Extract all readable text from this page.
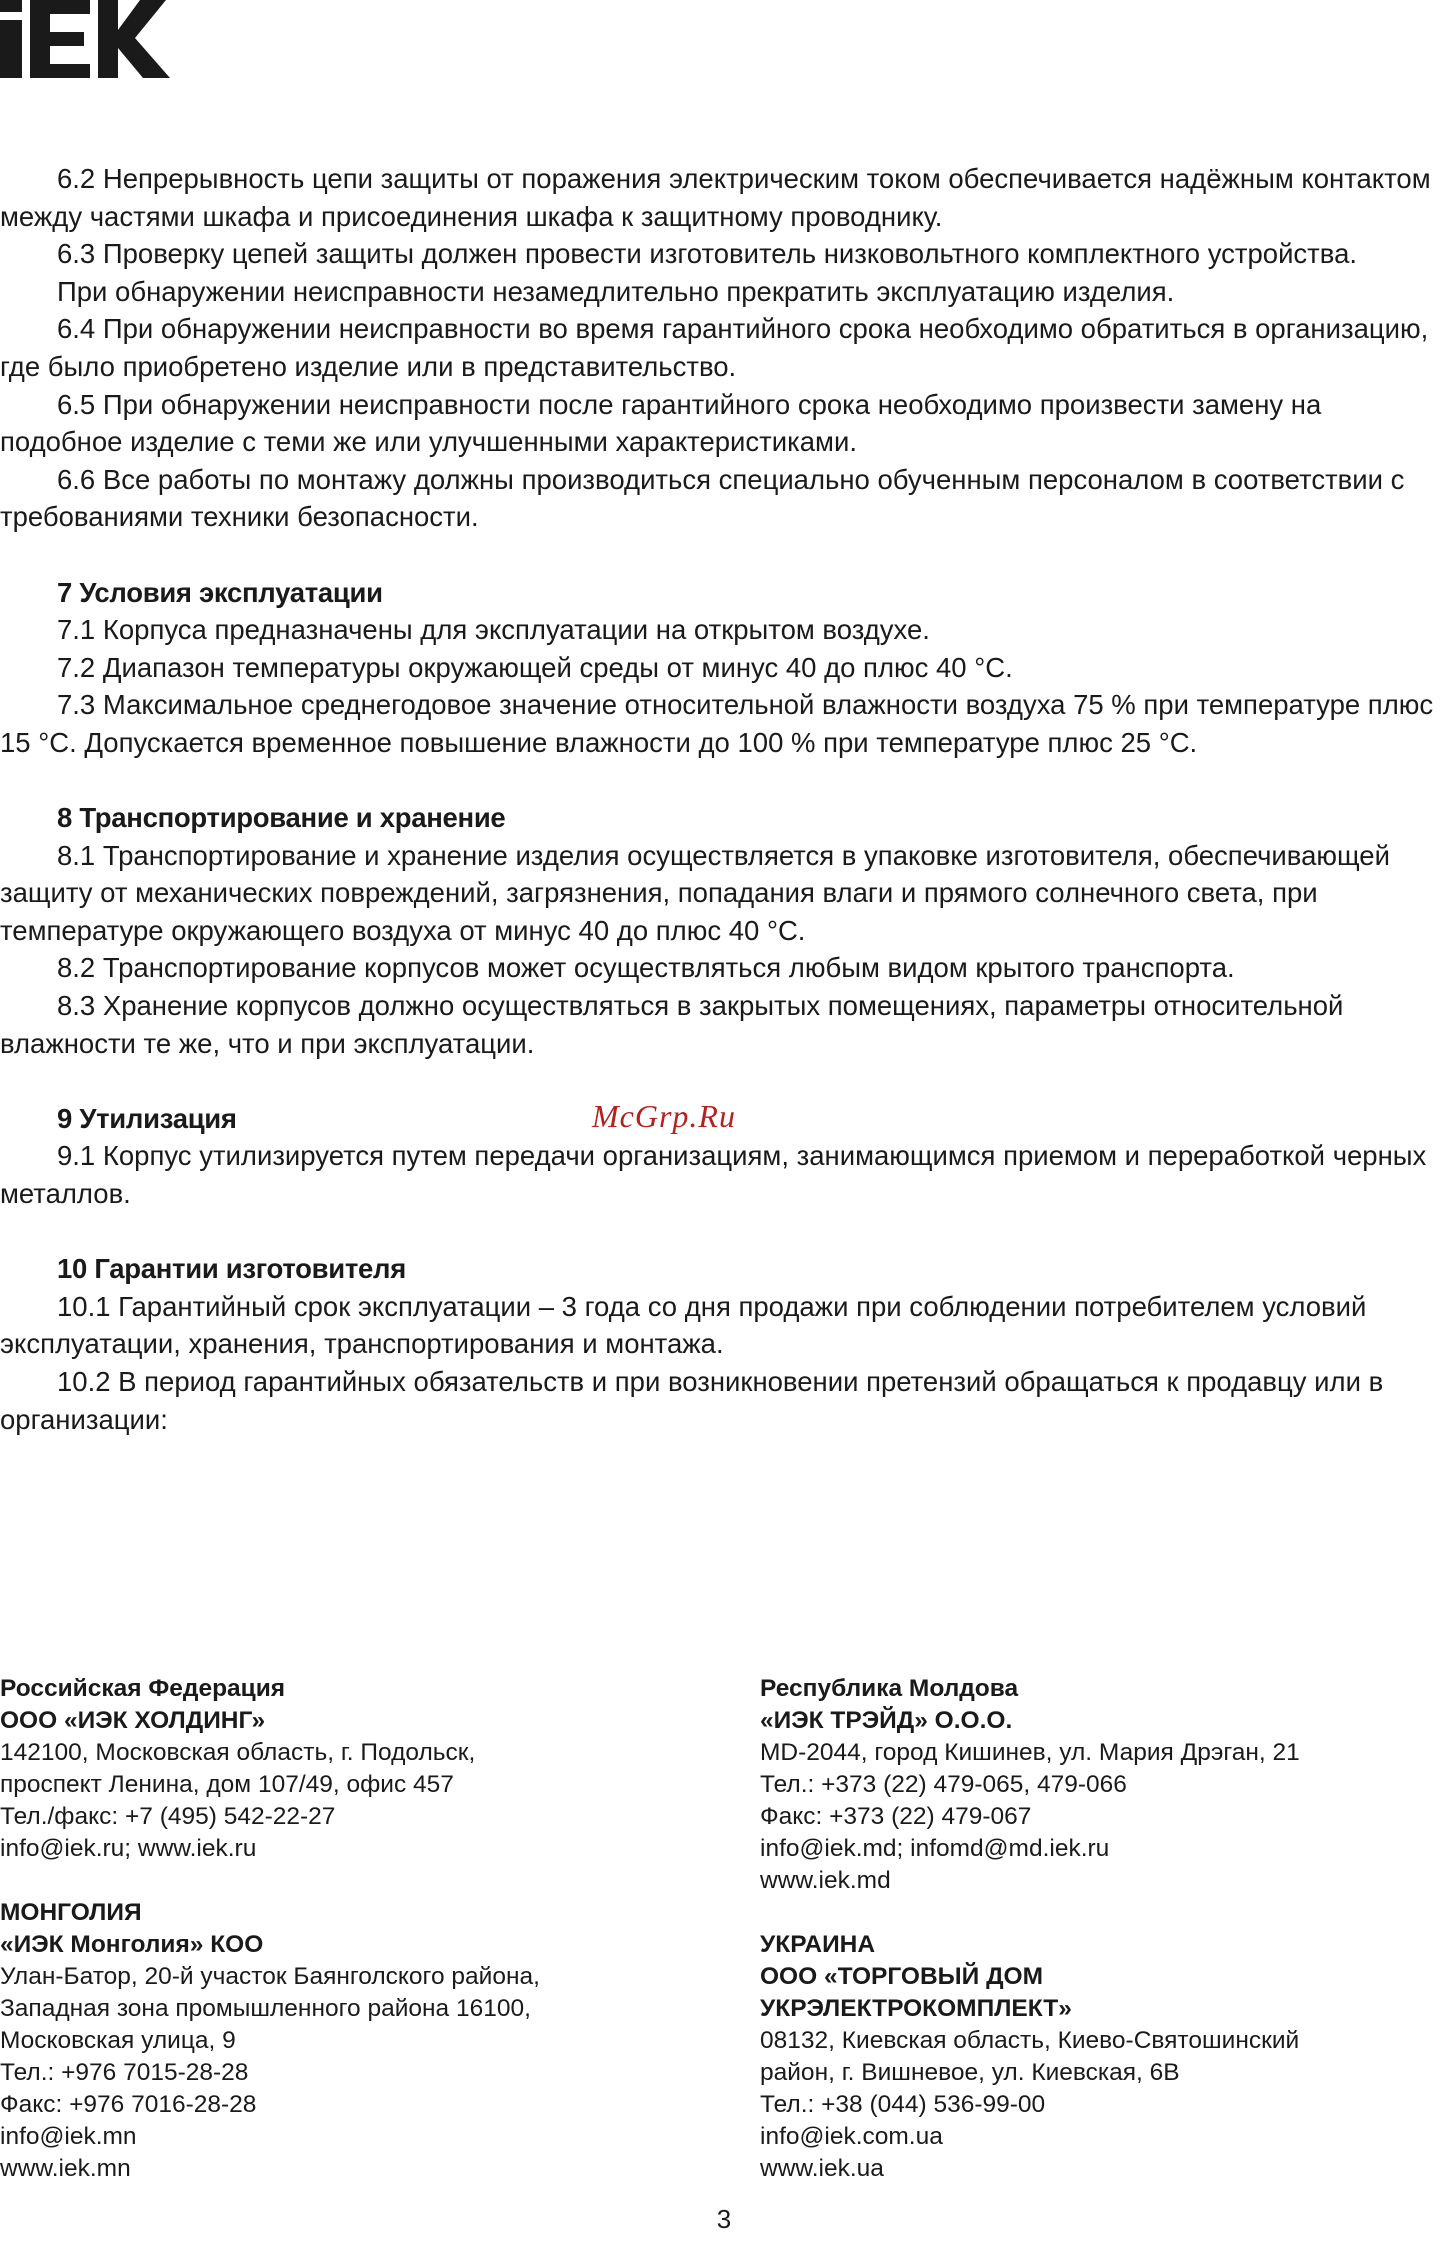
6.2 Непрерывность цепи защиты от поражения электрическим током обеспечивается надёжным контактом между частями шкафа и присоединения шкафа к защитному проводнику.

6.3 Проверку цепей защиты должен провести изготовитель низковольтного комплектного устройства.

При обнаружении неисправности незамедлительно прекратить эксплуатацию изделия.

6.4 При обнаружении неисправности во время гарантийного срока необходимо обратиться в организацию, где было приобретено изделие или в представительство.

6.5 При обнаружении неисправности после гарантийного срока необходимо произвести замену на подобное изделие с теми же или улучшенными характеристиками.

6.6 Все работы по монтажу должны производиться специально обученным персоналом в соответствии с требованиями техники безопасности.

7 Условия эксплуатации

7.1 Корпуса предназначены для эксплуатации на открытом воздухе.

7.2 Диапазон температуры окружающей среды от минус 40 до плюс 40 °С.

7.3 Максимальное среднегодовое значение относительной влажности воздуха 75 % при температуре плюс 15 °С. Допускается временное повышение влажности до 100 % при температуре плюс 25 °С.

8 Транспортирование и хранение

8.1 Транспортирование и хранение изделия осуществляется в упаковке изготовителя, обеспечивающей защиту от механических повреждений, загрязнения, попадания влаги и прямого солнечного света, при температуре окружающего воздуха от минус 40 до плюс 40 °С.

8.2 Транспортирование корпусов может осуществляться любым видом крытого транспорта.

8.3 Хранение корпусов должно осуществляться в закрытых помещениях, параметры относительной влажности те же, что и при эксплуатации.

9 Утилизация

9.1 Корпус утилизируется путем передачи организациям, занимающимся приемом и переработкой черных металлов.

10 Гарантии изготовителя

10.1 Гарантийный срок эксплуатации – 3 года со дня продажи при соблюдении потребителем условий эксплуатации, хранения, транспортирования и монтажа.

10.2 В период гарантийных обязательств и при возникновении претензий обращаться к продавцу или в организации:

McGrp.Ru
Российская Федерация
ООО «ИЭК ХОЛДИНГ»
142100, Московская область, г. Подольск,
проспект Ленина, дом 107/49, офис 457
Тел./факс: +7 (495) 542-22-27
info@iek.ru; www.iek.ru
МОНГОЛИЯ
«ИЭК Монголия» КОО
Улан-Батор, 20-й участок Баянголского района,
Западная зона промышленного района 16100,
Московская улица, 9
Тел.: +976 7015-28-28
Факс: +976 7016-28-28
info@iek.mn
www.iek.mn
Республика Молдова
«ИЭК ТРЭЙД» О.О.О.
MD-2044, город Кишинев, ул. Мария Дрэган, 21
Тел.: +373 (22) 479-065, 479-066
Факс: +373 (22) 479-067
info@iek.md; infomd@md.iek.ru
www.iek.md
УКРАИНА
ООО «ТОРГОВЫЙ ДОМ
УКРЭЛЕКТРОКОМПЛЕКТ»
08132, Киевская область, Киево-Святошинский
район, г. Вишневое, ул. Киевская, 6В
Тел.: +38 (044) 536-99-00
info@iek.com.ua
www.iek.ua
3
